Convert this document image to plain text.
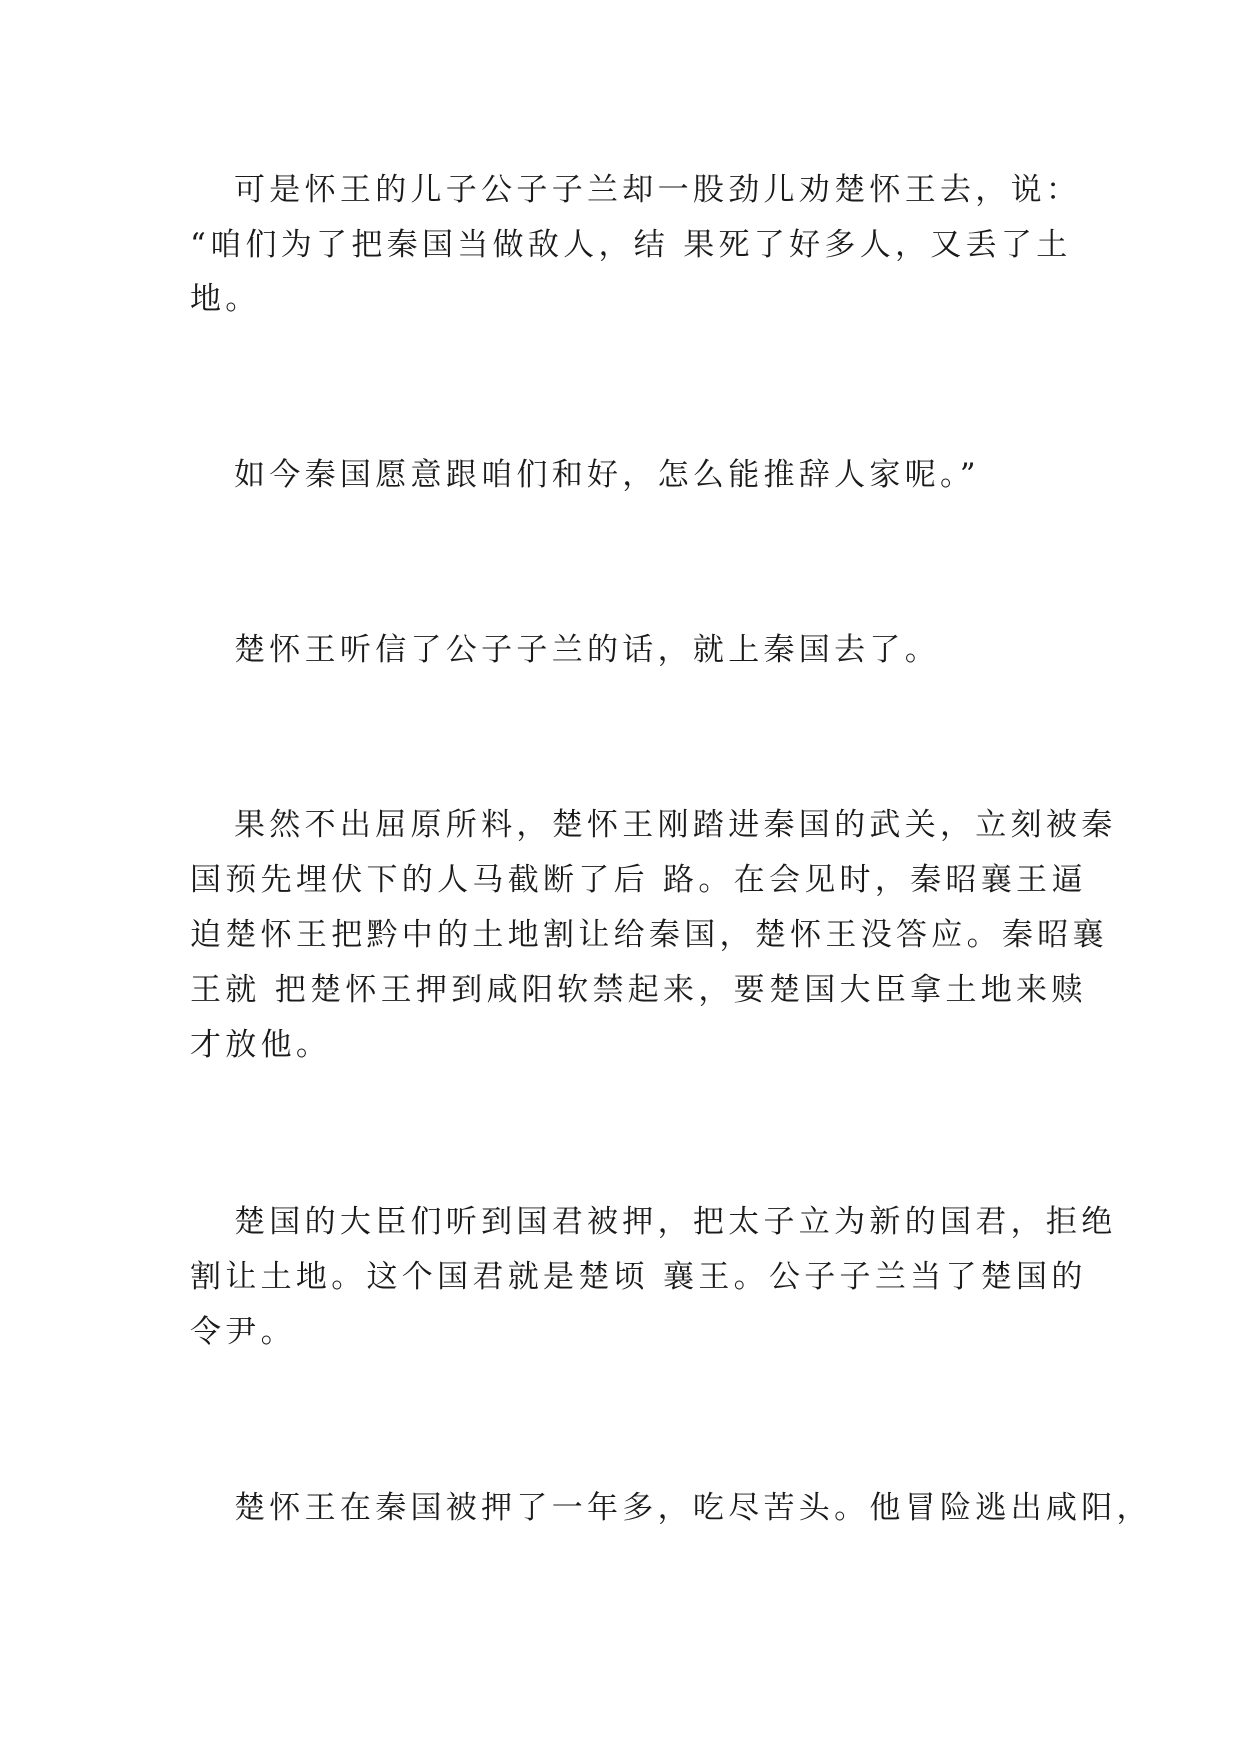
可是怀王的儿子公子子兰却一股劲儿劝楚怀王去，说：

“咱们为了把秦国当做敌人，结 果死了好多人，又丢了土

地。

如今秦国愿意跟咱们和好，怎么能推辞人家呢。”

楚怀王听信了公子子兰的话，就上秦国去了。

果然不出屈原所料，楚怀王刚踏进秦国的武关，立刻被秦

国预先埋伏下的人马截断了后 路。在会见时，秦昭襄王逼

迫楚怀王把黔中的土地割让给秦国，楚怀王没答应。秦昭襄

王就 把楚怀王押到咸阳软禁起来，要楚国大臣拿土地来赎

才放他。

楚国的大臣们听到国君被押，把太子立为新的国君，拒绝

割让土地。这个国君就是楚顷 襄王。公子子兰当了楚国的

令尹。

楚怀王在秦国被押了一年多，吃尽苦头。他冒险逃出咸阳，
